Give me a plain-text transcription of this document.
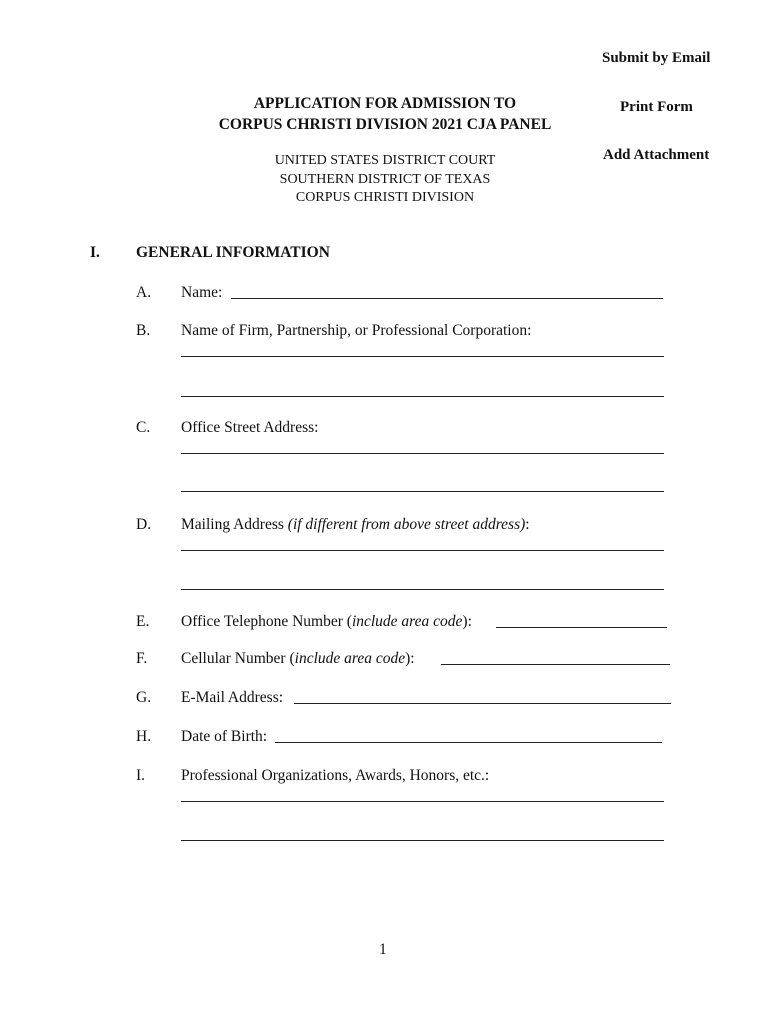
Submit by Email
Print Form
Add Attachment
APPLICATION FOR ADMISSION TO
CORPUS CHRISTI DIVISION 2021 CJA PANEL
UNITED STATES DISTRICT COURT
SOUTHERN DISTRICT OF TEXAS
CORPUS CHRISTI DIVISION
I. GENERAL INFORMATION
A. Name:
B. Name of Firm, Partnership, or Professional Corporation:
C. Office Street Address:
D. Mailing Address (if different from above street address):
E. Office Telephone Number (include area code):
F. Cellular Number (include area code):
G. E-Mail Address:
H. Date of Birth:
I. Professional Organizations, Awards, Honors, etc.:
1
